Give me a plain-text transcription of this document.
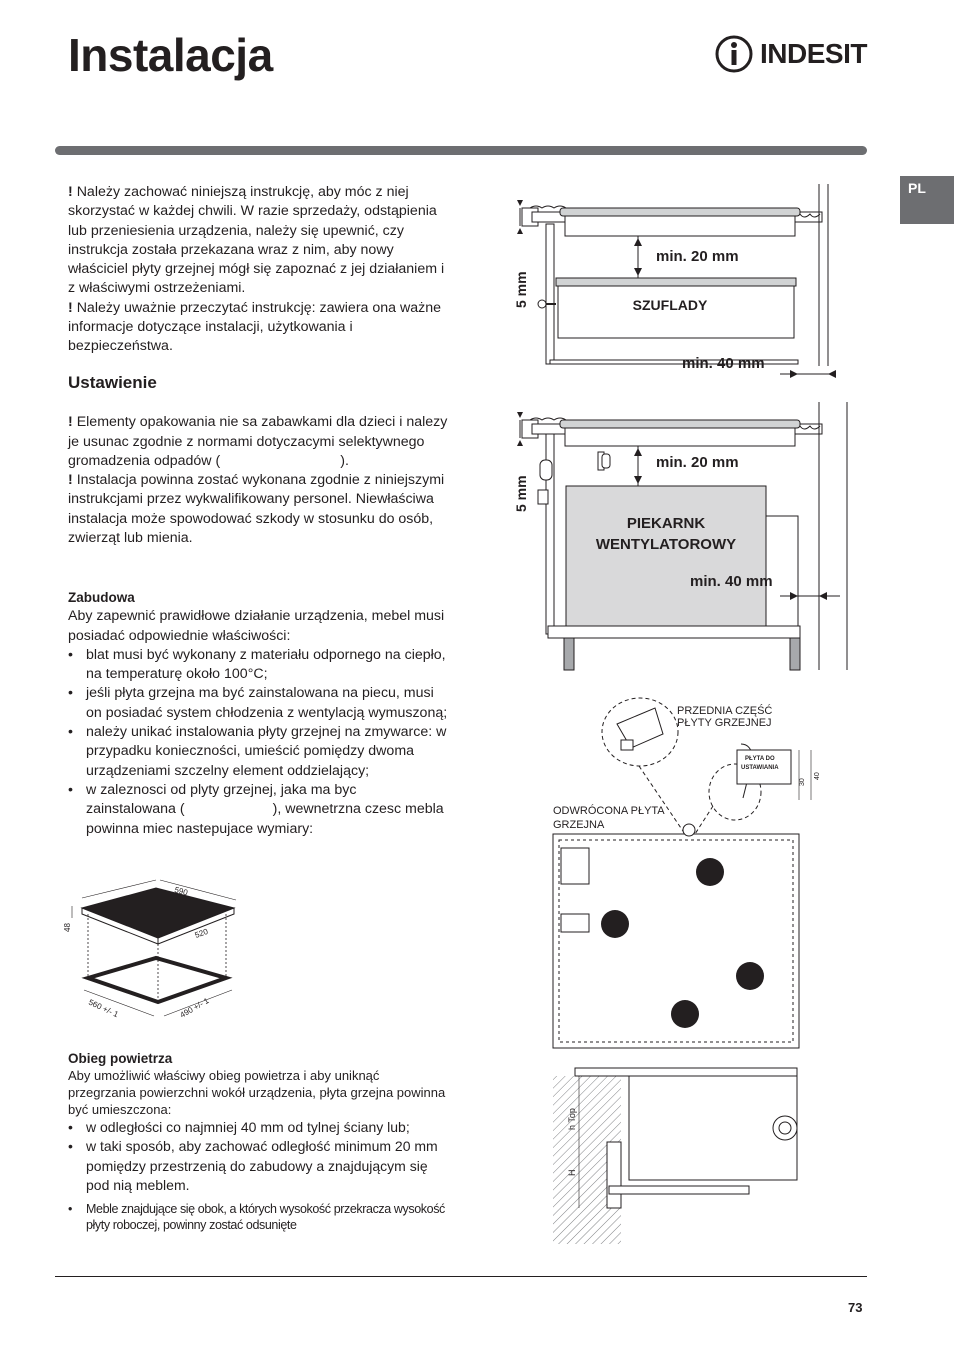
Instalacja	INDESIT
PL

! Należy zachować niniejszą instrukcję, aby móc z niej skorzystać w każdej chwili. W razie sprzedaży, odstąpienia lub przeniesienia urządzenia, należy się upewnić, czy instrukcja została przekazana wraz z nim, aby nowy właściciel płyty grzejnej mógł się zapoznać z jej działaniem i z właściwymi ostrzeżeniami.

! Należy uważnie przeczytać instrukcję: zawiera ona ważne informacje dotyczące instalacji, użytkowania i bezpieczeństwa.

Ustawienie

! Elementy opakowania nie sa zabawkami dla dzieci i nalezy je usunac zgodnie z normami dotyczacymi selektywnego gromadzenia odpadów (	).

! Instalacja powinna zostać wykonana zgodnie z niniejszymi instrukcjami przez wykwalifikowany personel. Niewłaściwa instalacja może spowodować szkody w stosunku do osób, zwierząt lub mienia.

Zabudowa

Aby zapewnić prawidłowe działanie urządzenia, mebel musi posiadać odpowiednie właściwości:

• blat musi być wykonany z materiału odpornego na ciepło, na temperaturę około 100°C;
• jeśli płyta grzejna ma być zainstalowana na piecu, musi on posiadać system chłodzenia z wentylacją wymuszoną;
• należy unikać instalowania płyty grzejnej na zmywarce: w przypadku konieczności, umieścić pomiędzy dwoma urządzeniami szczelny element oddzielający;
• w zaleznosci od plyty grzejnej, jaka ma byc zainstalowana (	), wewnetrzna czesc mebla powinna miec nastepujace wymiary:
590
520
48
560 +/- 1	490 +/- 1

Obieg powietrza

Aby umożliwić właściwy obieg powietrza i aby uniknąć przegrzania powierzchni wokół urządzenia, płyta grzejna powinna być umieszczona:

• w odległości co najmniej 40 mm od tylnej ściany lub;
• w taki sposób, aby zachować odległość minimum 20 mm pomiędzy przestrzenią do zabudowy a znajdującym się pod nią meblem.
• Meble znajdujące się obok, a których wysokość przekracza wysokość płyty roboczej, powinny zostać odsunięte
5 mm
min. 20 mm
SZUFLADY
min. 40 mm
5 mm
min. 20 mm
PIEKARNK
WENTYLATOROWY
min. 40 mm
PRZEDNIA CZĘŚĆ
PŁYTY GRZEJNEJ
PŁYTA DO
USTAWIANIA
30
40
ODWRÓCONA PŁYTA
GRZEJNA
h Top
H
73
